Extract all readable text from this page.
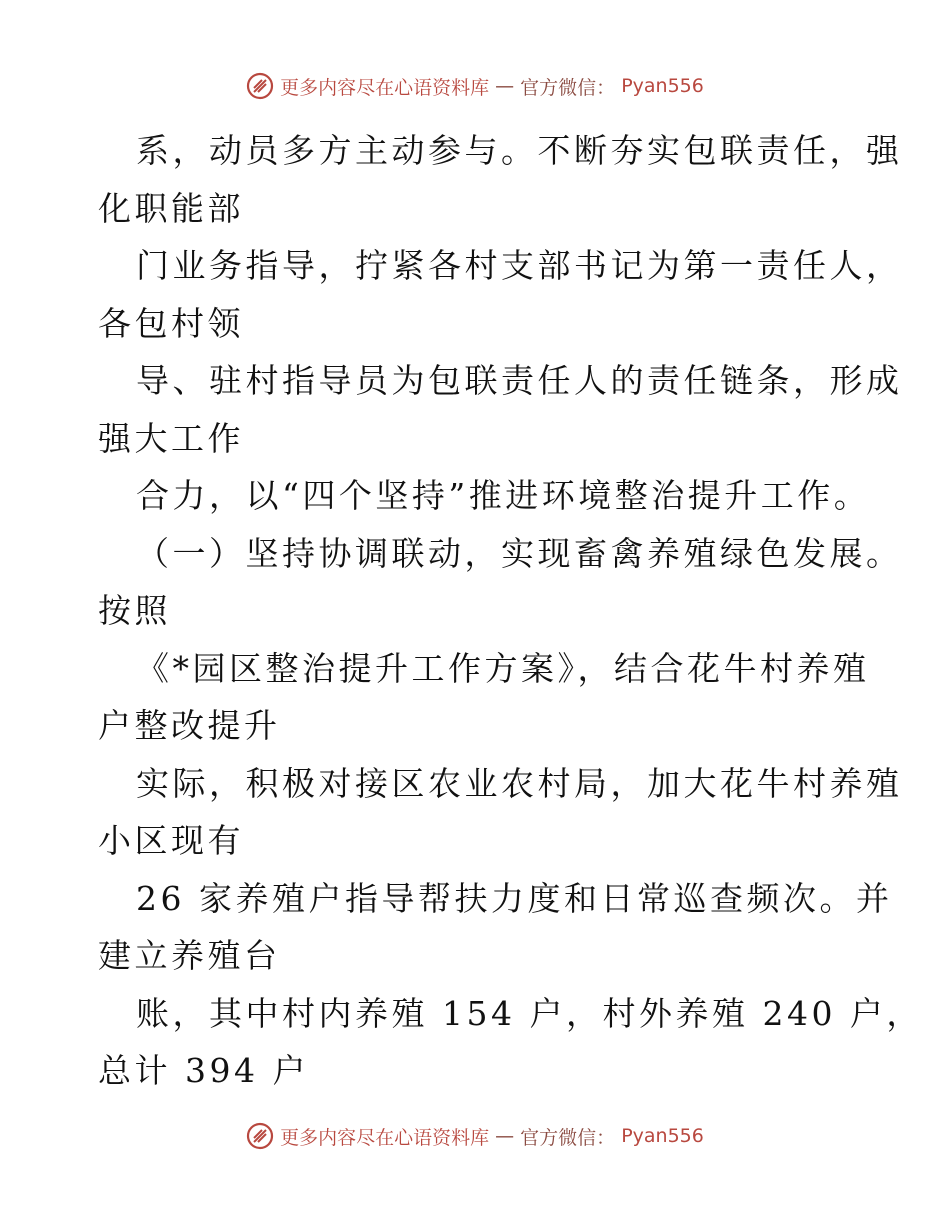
更多内容尽在心语资料库 — 官方微信： Pyan556
系，动员多方主动参与。不断夯实包联责任，强
化职能部
门业务指导，拧紧各村支部书记为第一责任人，
各包村领
导、驻村指导员为包联责任人的责任链条，形成
强大工作
合力，以“四个坚持”推进环境整治提升工作。
（一）坚持协调联动，实现畜禽养殖绿色发展。
按照
《*园区整治提升工作方案》，结合花牛村养殖
户整改提升
实际，积极对接区农业农村局，加大花牛村养殖
小区现有
26 家养殖户指导帮扶力度和日常巡查频次。并
建立养殖台
账，其中村内养殖 154 户，村外养殖 240 户，
总计 394 户
更多内容尽在心语资料库 — 官方微信： Pyan556
